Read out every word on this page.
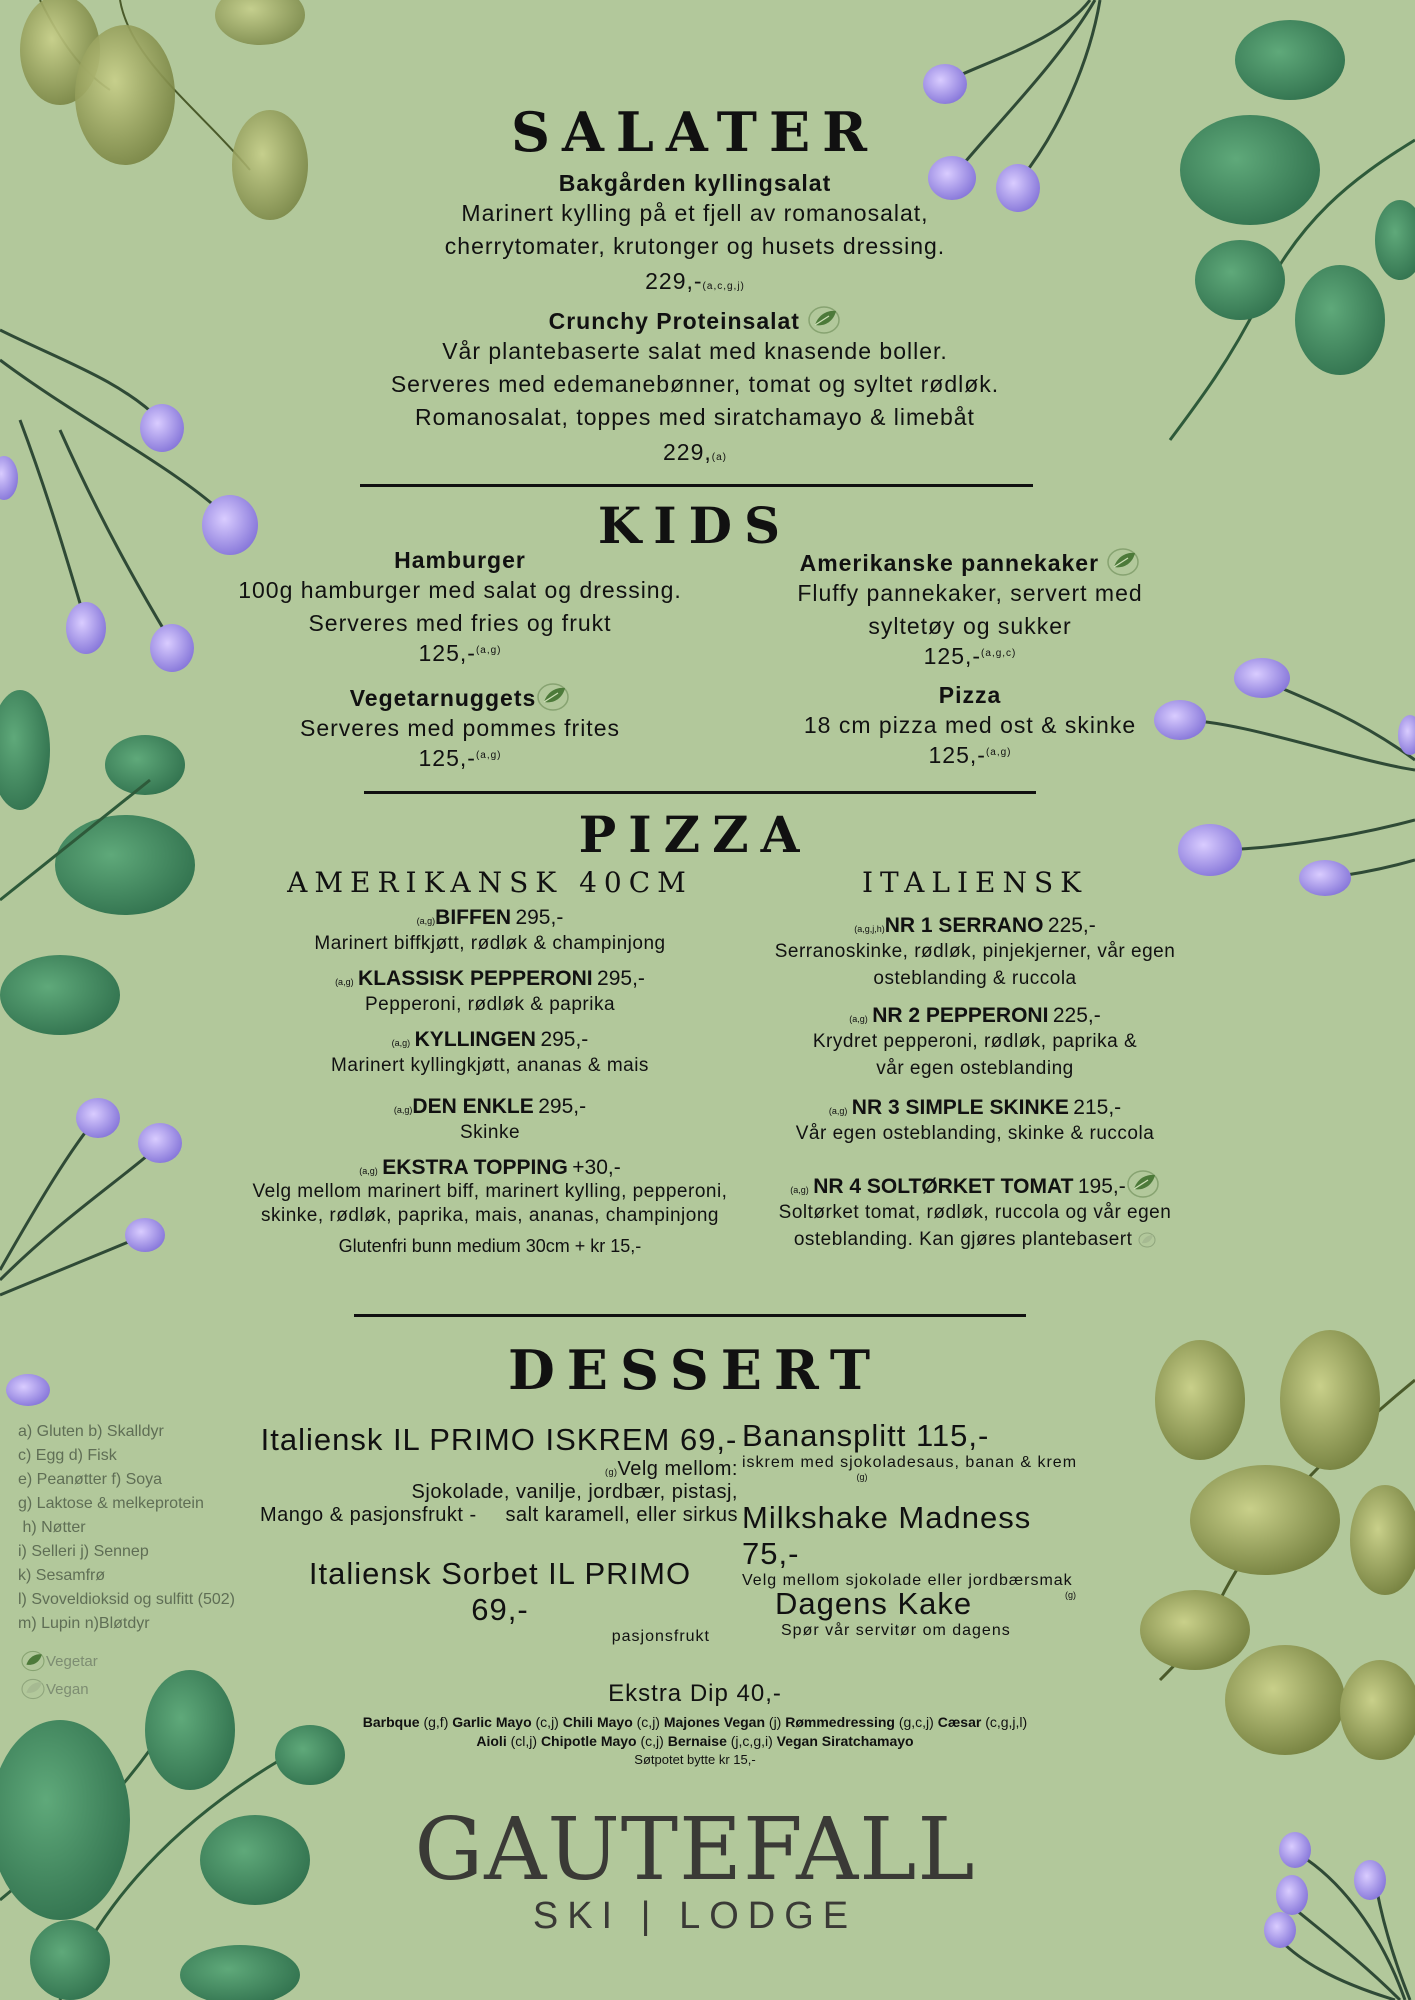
SALATER
Bakgården kyllingsalat
Marinert kylling på et fjell av romanosalat,
cherrytomater, krutonger og husets dressing.
229,-(a,c,g,j)
Crunchy Proteinsalat
Vår plantebaserte salat med knasende boller.
Serveres med edemanebønner, tomat og syltet rødløk.
Romanosalat, toppes med siratchamayo & limebåt
229,(a)
KIDS
Hamburger
100g hamburger med salat og dressing.
Serveres med fries og frukt
125,-$^{(a,g)}$
Amerikanske pannekaker
Fluffy pannekaker, servert med
syltetøy og sukker
125,-$^{(a,g,c)}$
Vegetarnuggets
Serveres med pommes frites
125,-$^{(a,g)}$
Pizza
18 cm pizza med ost & skinke
125,-$^{(a,g)}$
PIZZA
AMERIKANSK 40CM	ITALIENSK
(a,g)BIFFEN 295,-
Marinert biffkjøtt, rødløk & champinjong
(a,g) KLASSISK PEPPERONI 295,-
Pepperoni, rødløk & paprika
(a,g) KYLLINGEN 295,-
Marinert kyllingkjøtt, ananas & mais
(a,g)DEN ENKLE 295,-
Skinke
(a,g) EKSTRA TOPPING +30,-
Velg mellom marinert biff, marinert kylling, pepperoni,
skinke, rødløk, paprika, mais, ananas, champinjong
Glutenfri bunn medium 30cm + kr 15,-
(a,g,j,h)NR 1 SERRANO 225,-
Serranoskinke, rødløk, pinjekjerner, vår egen
osteblanding & ruccola
(a,g) NR 2 PEPPERONI 225,-
Krydret pepperoni, rødløk, paprika &
vår egen osteblanding
(a,g) NR 3 SIMPLE SKINKE 215,-
Vår egen osteblanding, skinke & ruccola
(a,g) NR 4 SOLTØRKET TOMAT 195,-
Soltørket tomat, rødløk, ruccola og vår egen
osteblanding. Kan gjøres plantebasert
DESSERT
a) Gluten b) Skalldyr
c) Egg d) Fisk
e) Peanøtter f) Soya
g) Laktose & melkeprotein
h) Nøtter
i) Selleri j) Sennep
k) Sesamfrø
l) Svoveldioksid og sulfitt (502)
m) Lupin n)Bløtdyr
Vegetar
Vegan
Italiensk IL PRIMO ISKREM 69,-
(g)Velg mellom:
Sjokolade, vanilje, jordbær, pistasj,
Mango & pasjonsfrukt - salt karamell, eller sirkus
Italiensk Sorbet IL PRIMO 69,-
pasjonsfrukt
Banansplitt 115,-
iskrem med sjokoladesaus, banan & krem
(g)
Milkshake Madness 75,-
Velg mellom sjokolade eller jordbærsmak
(g)
Dagens Kake
Spør vår servitør om dagens
Ekstra Dip 40,-
Barbque (g,f) Garlic Mayo (c,j) Chili Mayo (c,j) Majones Vegan (j) Rømmedressing (g,c,j) Cæsar (c,g,j,l)
Aioli (cl,j) Chipotle Mayo (c,j) Bernaise (j,c,g,i) Vegan Siratchamayo
Søtpotet bytte kr 15,-
GAUTEFALL
SKI | LODGE
